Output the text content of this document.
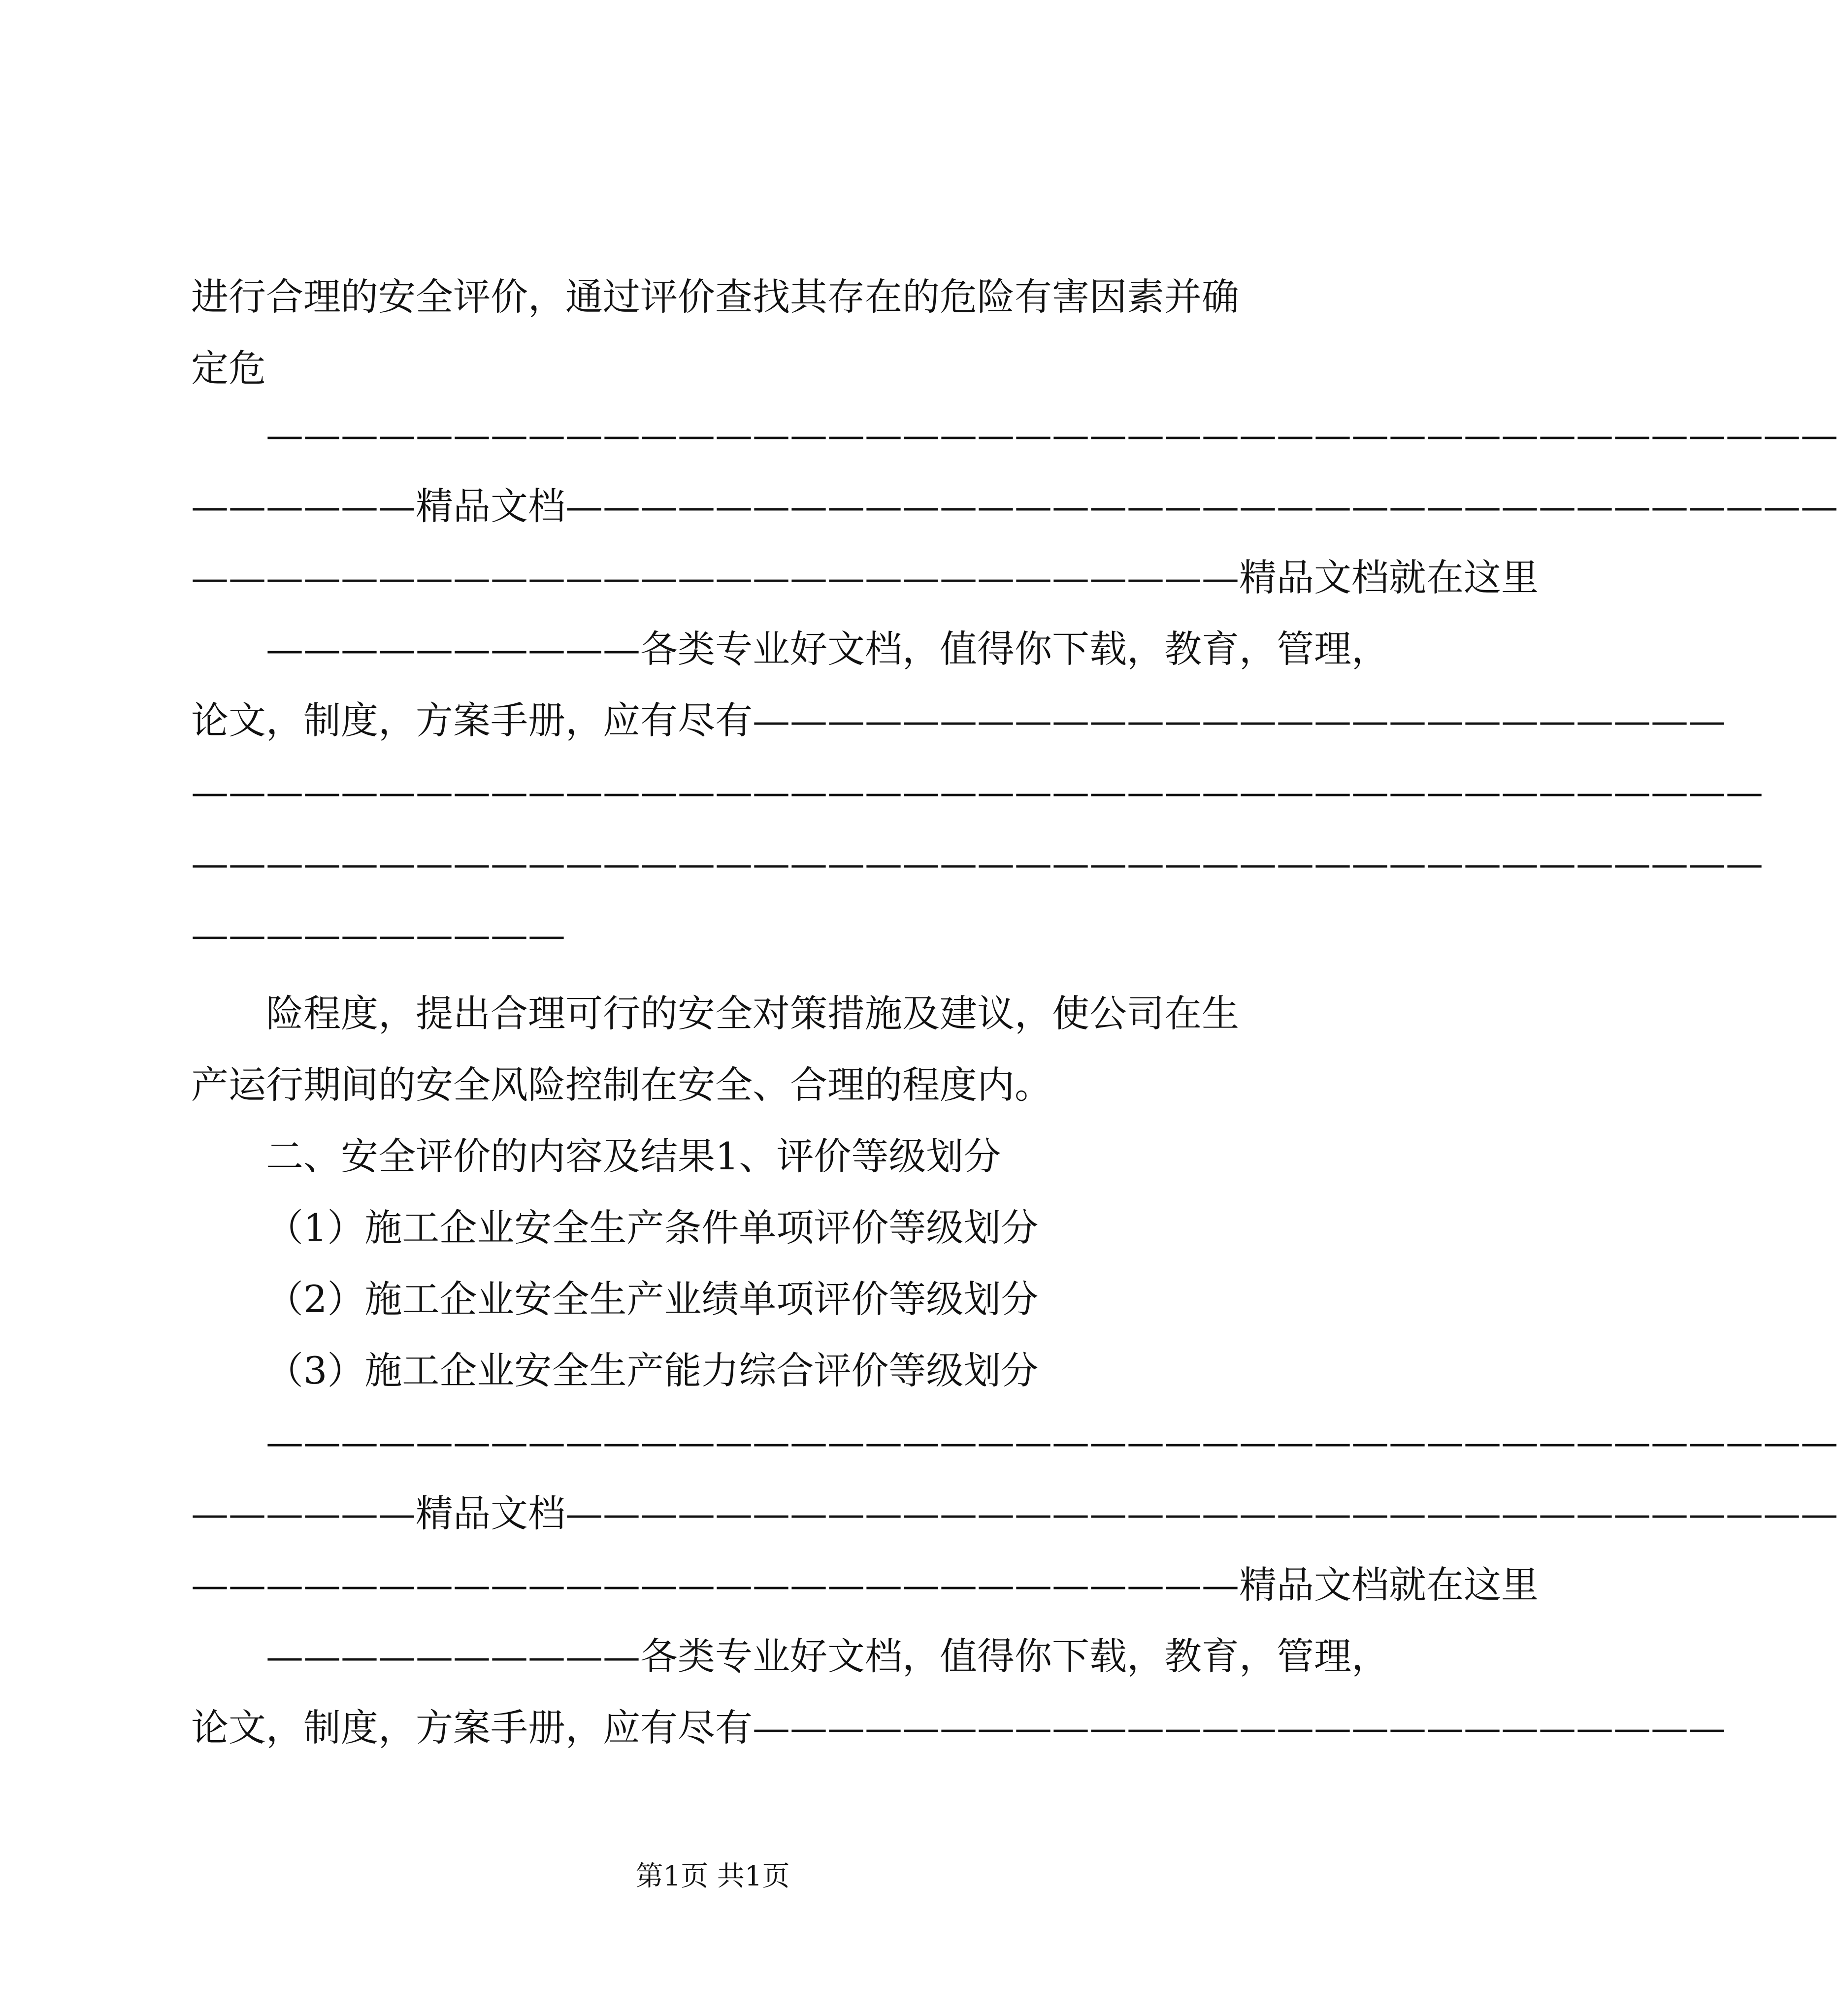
进行合理的安全评价，通过评价查找其存在的危险有害因素并确
定危
——————————————————————————————————————————
——————精品文档——————————————————————————————————
————————————————————————————精品文档就在这里
——————————各类专业好文档，值得你下载，教育，管理，
论文，制度，方案手册，应有尽有——————————————————————————
——————————————————————————————————————————
——————————————————————————————————————————
——————————
险程度，提出合理可行的安全对策措施及建议，使公司在生
产运行期间的安全风险控制在安全、合理的程度内。
二、安全评价的内容及结果1、评价等级划分
（1）施工企业安全生产条件单项评价等级划分
（2）施工企业安全生产业绩单项评价等级划分
（3）施工企业安全生产能力综合评价等级划分
——————————————————————————————————————————
——————精品文档——————————————————————————————————
————————————————————————————精品文档就在这里
——————————各类专业好文档，值得你下载，教育，管理，
论文，制度，方案手册，应有尽有——————————————————————————
第1页 共1页
